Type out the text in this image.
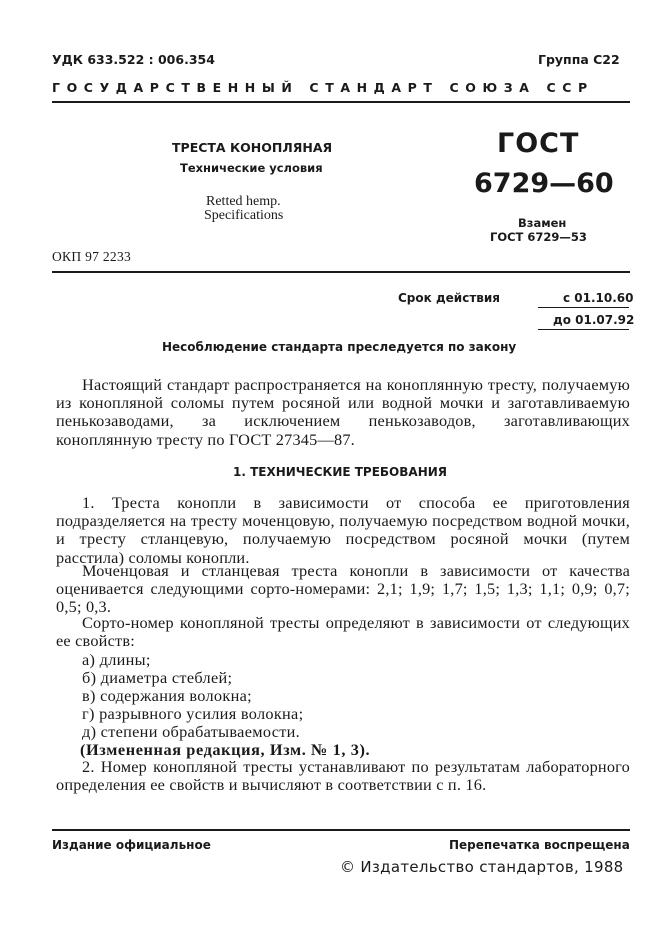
УДК 633.522 : 006.354	Группа С22
ГОСУДАРСТВЕННЫЙ СТАНДАРТ СОЮЗА ССР
ТРЕСТА КОНОПЛЯНАЯ
Технические условия
Retted hemp.
Specifications
ГОСТ
6729—60
Взамен
ГОСТ 6729—53
ОКП 97 2233
Срок действия	с 01.10.60
до 01.07.92
Несоблюдение стандарта преследуется по закону
Настоящий стандарт распространяется на коноплянную тресту, получаемую из конопляной соломы путем росяной или водной мочки и заготавливаемую пенькозаводами, за исключением пенькозаводов, заготавливающих коноплянную тресту по ГОСТ 27345—87.
1. ТЕХНИЧЕСКИЕ ТРЕБОВАНИЯ
1. Треста конопли в зависимости от способа ее приготовления подразделяется на тресту моченцовую, получаемую посредством водной мочки, и тресту стланцевую, получаемую посредством росяной мочки (путем расстила) соломы конопли.
Моченцовая и стланцевая треста конопли в зависимости от качества оценивается следующими сорто-номерами: 2,1; 1,9; 1,7; 1,5; 1,3; 1,1; 0,9; 0,7; 0,5; 0,3.
Сорто-номер конопляной тресты определяют в зависимости от следующих ее свойств:
а) длины;
б) диаметра стеблей;
в) содержания волокна;
г) разрывного усилия волокна;
д) степени обрабатываемости.
(Измененная редакция, Изм. № 1, 3).
2. Номер конопляной тресты устанавливают по результатам лабораторного определения ее свойств и вычисляют в соответствии с п. 16.
Издание официальное	Перепечатка воспрещена
© Издательство стандартов, 1988
